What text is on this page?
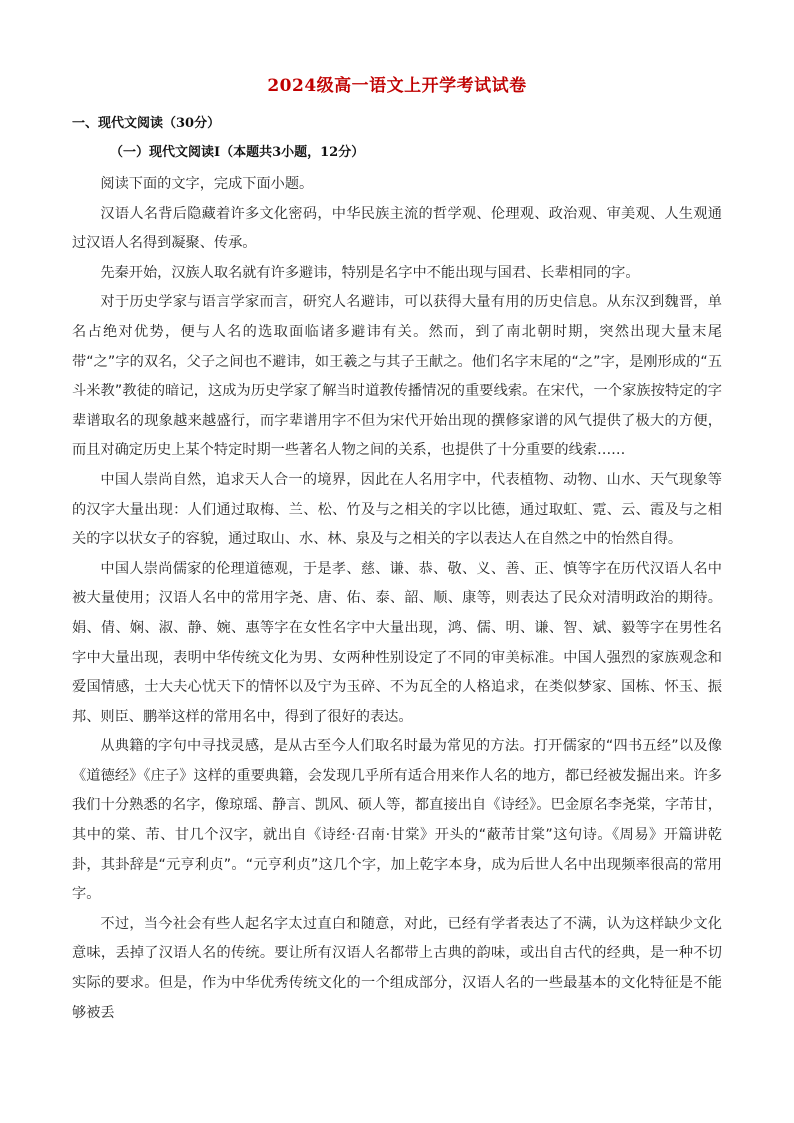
2024级高一语文上开学考试试卷
一、现代文阅读（30分）
（一）现代文阅读I（本题共3小题，12分）

阅读下面的文字，完成下面小题。

汉语人名背后隐藏着许多文化密码，中华民族主流的哲学观、伦理观、政治观、审美观、人生观通过汉语人名得到凝聚、传承。

先秦开始，汉族人取名就有许多避讳，特别是名字中不能出现与国君、长辈相同的字。

对于历史学家与语言学家而言，研究人名避讳，可以获得大量有用的历史信息。从东汉到魏晋，单名占绝对优势，便与人名的选取面临诸多避讳有关。然而，到了南北朝时期，突然出现大量末尾带“之”字的双名，父子之间也不避讳，如王羲之与其子王献之。他们名字末尾的“之”字，是刚形成的“五斗米教”教徒的暗记，这成为历史学家了解当时道教传播情况的重要线索。在宋代，一个家族按特定的字辈谱取名的现象越来越盛行，而字辈谱用字不但为宋代开始出现的撰修家谱的风气提供了极大的方便，而且对确定历史上某个特定时期一些著名人物之间的关系，也提供了十分重要的线索……

中国人崇尚自然，追求天人合一的境界，因此在人名用字中，代表植物、动物、山水、天气现象等的汉字大量出现：人们通过取梅、兰、松、竹及与之相关的字以比德，通过取虹、霓、云、霞及与之相关的字以状女子的容貌，通过取山、水、林、泉及与之相关的字以表达人在自然之中的怡然自得。

中国人崇尚儒家的伦理道德观，于是孝、慈、谦、恭、敬、义、善、正、慎等字在历代汉语人名中被大量使用；汉语人名中的常用字尧、唐、佑、泰、韶、顺、康等，则表达了民众对清明政治的期待。娟、倩、娴、淑、静、婉、惠等字在女性名字中大量出现，鸿、儒、明、谦、智、斌、毅等字在男性名字中大量出现，表明中华传统文化为男、女两种性别设定了不同的审美标准。中国人强烈的家族观念和爱国情感，士大夫心忧天下的情怀以及宁为玉碎、不为瓦全的人格追求，在类似梦家、国栋、怀玉、振邦、则臣、鹏举这样的常用名中，得到了很好的表达。

从典籍的字句中寻找灵感，是从古至今人们取名时最为常见的方法。打开儒家的“四书五经”以及像《道德经》《庄子》这样的重要典籍，会发现几乎所有适合用来作人名的地方，都已经被发掘出来。许多我们十分熟悉的名字，像琼瑶、静言、凯风、硕人等，都直接出自《诗经》。巴金原名李尧棠，字芾甘，其中的棠、芾、甘几个汉字，就出自《诗经·召南·甘棠》开头的“蔽芾甘棠”这句诗。《周易》开篇讲乾卦，其卦辞是“元亨利贞”。“元亨利贞”这几个字，加上乾字本身，成为后世人名中出现频率很高的常用字。

不过，当今社会有些人起名字太过直白和随意，对此，已经有学者表达了不满，认为这样缺少文化意味，丢掉了汉语人名的传统。要让所有汉语人名都带上古典的韵味，或出自古代的经典，是一种不切实际的要求。但是，作为中华优秀传统文化的一个组成部分，汉语人名的一些最基本的文化特征是不能够被丢
